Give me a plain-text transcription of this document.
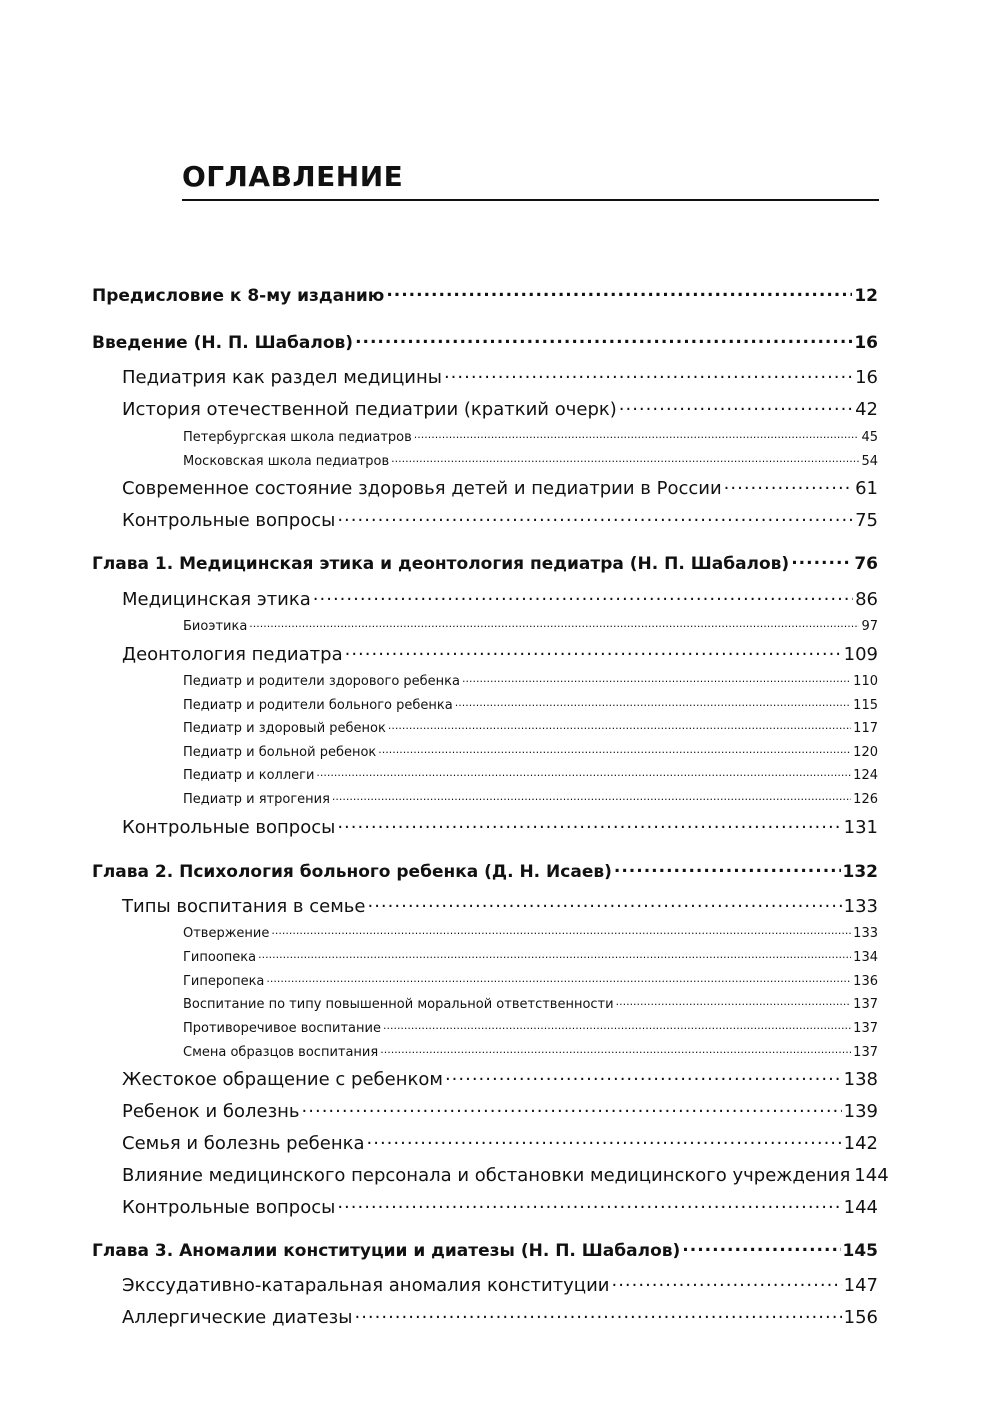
ОГЛАВЛЕНИЕ
Предисловие к 8-му изданию .....	12
Введение (Н. П. Шабалов) .....	16
Педиатрия как раздел медицины .....	16
История отечественной педиатрии (краткий очерк) .....	42
Петербургская школа педиатров .....	45
Московская школа педиатров .....	54
Современное состояние здоровья детей и педиатрии в России .....	61
Контрольные вопросы .....	75
Глава 1. Медицинская этика и деонтология педиатра (Н. П. Шабалов) .....	76
Медицинская этика .....	86
Биоэтика .....	97
Деонтология педиатра .....	109
Педиатр и родители здорового ребенка .....	110
Педиатр и родители больного ребенка .....	115
Педиатр и здоровый ребенок .....	117
Педиатр и больной ребенок .....	120
Педиатр и коллеги .....	124
Педиатр и ятрогения .....	126
Контрольные вопросы .....	131
Глава 2. Психология больного ребенка (Д. Н. Исаев) .....	132
Типы воспитания в семье .....	133
Отвержение .....	133
Гипоопека .....	134
Гиперопека .....	136
Воспитание по типу повышенной моральной ответственности .....	137
Противоречивое воспитание .....	137
Смена образцов воспитания .....	137
Жестокое обращение с ребенком .....	138
Ребенок и болезнь .....	139
Семья и болезнь ребенка .....	142
Влияние медицинского персонала и обстановки медицинского учреждения 144
Контрольные вопросы .....	144
Глава 3. Аномалии конституции и диатезы (Н. П. Шабалов) .....	145
Экссудативно-катаральная аномалия конституции .....	147
Аллергические диатезы .....	156
